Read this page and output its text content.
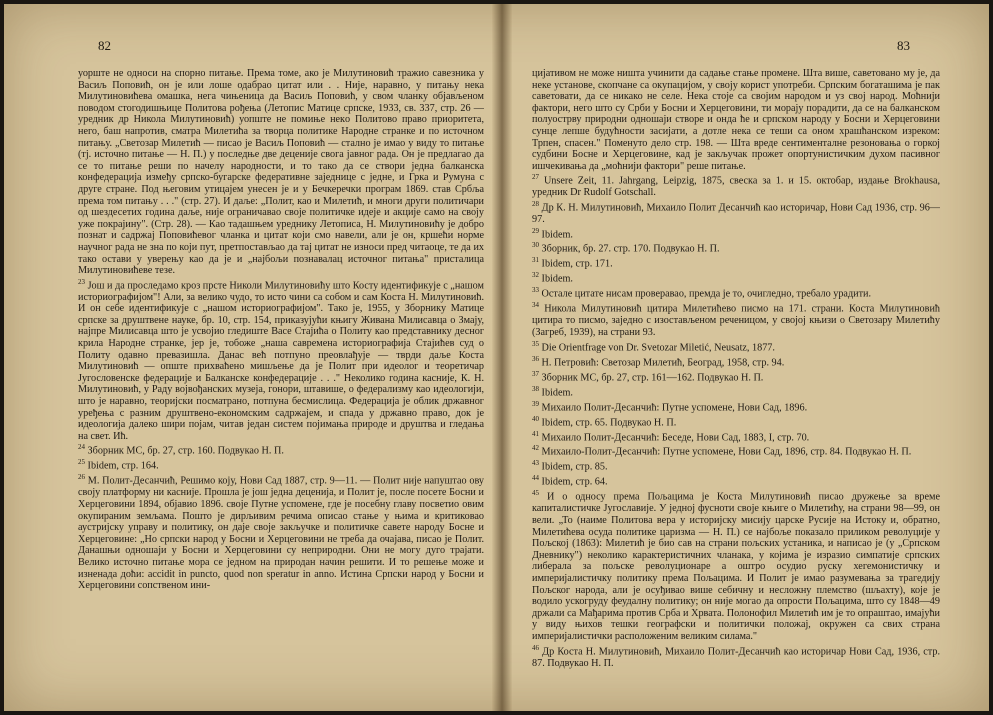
82	83

уоpште не односи на спорно питање. Према томе, ако је Милутиновић тражио савезника у Васиљ Поповић, он је или лоше одабрао цитат или . . Није, наравно, у питању нека Милутиновићева омашка, нега чињеница да Васиљ Поповић, у свом чланку објављеном поводом стогодишњице Политова рођења (Летопис Матице српске, 1933, св. 337, стр. 26 — уредник др Никола Милутиновић) уопште не помиње нeкo Политово право приоритета, него, баш напротив, сматра Милетића за творца политике Народне странке и по источном питању. „Светозар Милетић — писао је Васиљ Поповић — стално је имао у виду то питање (тј. источно питање — Н. П.) у последње две деценије свога јавног рада. Он је предлагао да се то питање реши по начелу народности, и то тако да се створи једна балканска конфедерација између српско-бугарске федеративне заједнице с једне, и Грка и Румуна с друге стране. Под његовим утицајем унесен је и у Бечкеречки програм 1869. став Србља према том питању . . ." (стр. 27). И даље: „Полит, као и Милетић, и многи други политичари од шездесетих година даље, није ограничавао своје политичке идеје и акције само на своју уже покрајину". (Стр. 28). — Као тадашњем уреднику Летописа, Н. Милутиновићу је добро познат и садржај Поповићевог чланка и цитат који смо навели, али је он, кршећи норме научног рада не зна по који пут, претпостављао да тај цитат не износи пред читаоце, те да их тако остави у уверењу као да је и „најбољи познавалац источног питања" присталица Милутиновићеве тезе.

$^{23}$ Још и да проследамо кроз прсте Николи Милутиновићу што Косту идентификује с „нашом историографијом"! Али, за велико чудо, то исто чини са собом и сам Коста Н. Милутиновић. И он себе идентификује с „нашом историографијом". Тако је, 1955, у Зборнику Матице српске за друштвене науке, бр. 10, стр. 154, приказујући књигу Живана Милисавца о Змају, најпре Милисавца што је усвојио гледиште Васе Стајића о Политу као представнику десног крила Народне странке, јер је, тобоже „наша савремена историографија Стајићев суд о Политу одавно превазишла. Данас већ потпуно преовлађује — тврди даље Коста Милутиновић — опште прихваћено мишљење да је Полит при идеолог и теоретичар Југословенске федерације и Балканске конфедерације . . ." Неколико година касније, К. Н. Милутиновић, у Раду војвођанских музеја, гонори, штавише, о федерализму као идеологији, што је наравно, теоријски посматрано, потпуна бесмислица. Федерација је облик државног уређења с разним друштвено-економским садржајем, и спада у државно право, док је идеологија далеко шири појам, читав један систем појимања природе и друштва и гледања на свет. Ић.

$^{24}$ Зборник МС, бр. 27, стр. 160. Подвукао Н. П.

$^{25}$ Ibidem, стр. 164.

$^{26}$ М. Полит-Десанчић, Решимо коју, Нови Сад 1887, стр. 9—11. — Полит није напуштао ову своју платформу ни касније. Прошла је још једна деценија, и Полит је, после посете Босни и Херцеговини 1894, објавио 1896. своје Путне успомене, где је посебну главу посветио овим окупираним земљама. Пошто је дирљивим речима описао стање у њима и критиковао аустријску управу и политику, он даје своје закључке и политичке савете народу Босне и Херцеговине: „Но српски народ у Босни и Херцеговини не треба да очајава, писао је Полит. Данашњи одношаји у Босни и Херцеговини су неприродни. Они не могу дуго трајати. Велико источно питање мора се једном на природан начин решити. И то решење може и изненада доћи: accidit in puncto, quod non speratur in anno. Истина Српски народ у Босни и Херцеговини сопственом ини-

цијативом не може ништа учинити да садање стање промене. Шта више, саветовано му је, да неке установе, скопчане са окупацијом, у своју корист употреби. Српским богаташима је пак саветовати, да се никако не селе. Нека стоје са својим народом и уз свој народ. Моћнији фактори, него што су Срби у Босни и Херцеговини, ти морају порадити, да се на балканском полуострву природни одношаји створе и онда ће и српском народу у Босни и Херцеговини сунце лепше будућности засијати, а дотле нека се теши са оном храшћанском изреком: Трпен, спасен." Поменуто дело стр. 198. — Шта вреде сентименталне резоновања о горкој судбини Босне и Херцеговине, кад је закључак прожет опортунистичким духом пасивног ишчекивања да „моћнији фактори" реше питање.

$^{27}$ Unsere Zeit, 11. Jahrgang, Leipzig, 1875, свеска за 1. и 15. октобар, издање Brokhausa, уредник Dr Rudolf Gotschall.

$^{28}$ Др К. Н. Милутиновић, Михаило Полит Десанчић као историчар, Нови Сад 1936, стр. 96—97.

$^{29}$ Ibidem.

$^{30}$ Зборник, бр. 27. стр. 170. Подвукао Н. П.

$^{31}$ Ibidem, стр. 171.

$^{32}$ Ibidem.

$^{33}$ Остале цитате нисам проверавао, премда је то, очигледно, требало урадити.

$^{34}$ Никола Милутиновић цитира Милетићево писмо на 171. страни. Коста Милутиновић цитира то писмо, заједно с изостављеном реченицом, у својој књизи о Светозару Милетићу (Загреб, 1939), на страни 93.

$^{35}$ Die Orientfrage von Dr. Svetozar Miletić, Neusatz, 1877.

$^{36}$ Н. Петровић: Светозар Милетић, Београд, 1958, стр. 94.

$^{37}$ Зборник МС, бр. 27, стр. 161—162. Подвукао Н. П.

$^{38}$ Ibidem.

$^{39}$ Михаило Полит-Десанчић: Путне успомене, Нови Сад, 1896.

$^{40}$ Ibidem, стр. 65. Подвукао Н. П.

$^{41}$ Михаило Полит-Десанчић: Беседе, Нови Сад, 1883, I, стр. 70.

$^{42}$ Михаило-Полит-Десанчић: Путне успомене, Нови Сад, 1896, стр. 84. Подвукао Н. П.

$^{43}$ Ibidem, стр. 85.

$^{44}$ Ibidem, стр. 64.

$^{45}$ И о односу према Пољацима је Коста Милутиновић писао дружење за време капиталистичке Југославије. У једној фусноти своје књиге о Милетићу, на страни 98—99, он вели. „То (наиме Политова вера у историјску мисију царске Русије на Истоку и, обратно, Милетићева осуда политике царизма — Н. П.) се најбоље показало приликом револуције у Пољској (1863): Милетић је био сав на страни пољских устаника, и написао је (у „Српском Дневнику") неколико карактеристичних чланака, у којима је изразио симпатије српских либерала за пољске револуционаре а оштро осудио руску хегемонистичку и империјалистичку политику према Пољацима. И Полит је имао разумевања за трагедију Пољског народа, али је осуђивао више себичну и несложну племство (шљахту), које је водило ускогруду феудалну политику; он није могао да опрости Пољацима, што су 1848—49 држали са Мађарима против Срба и Хрвата. Полонофил Милетић им је то опраштао, имајући у виду њихов тешки географски и политички положај, окружен са свих страна империјалистички расположеним великим силама."

$^{46}$ Др Коста Н. Милутиновић, Михаило Полит-Десанчић као историчар Нови Сад, 1936, стр. 87. Подвукао Н. П.
